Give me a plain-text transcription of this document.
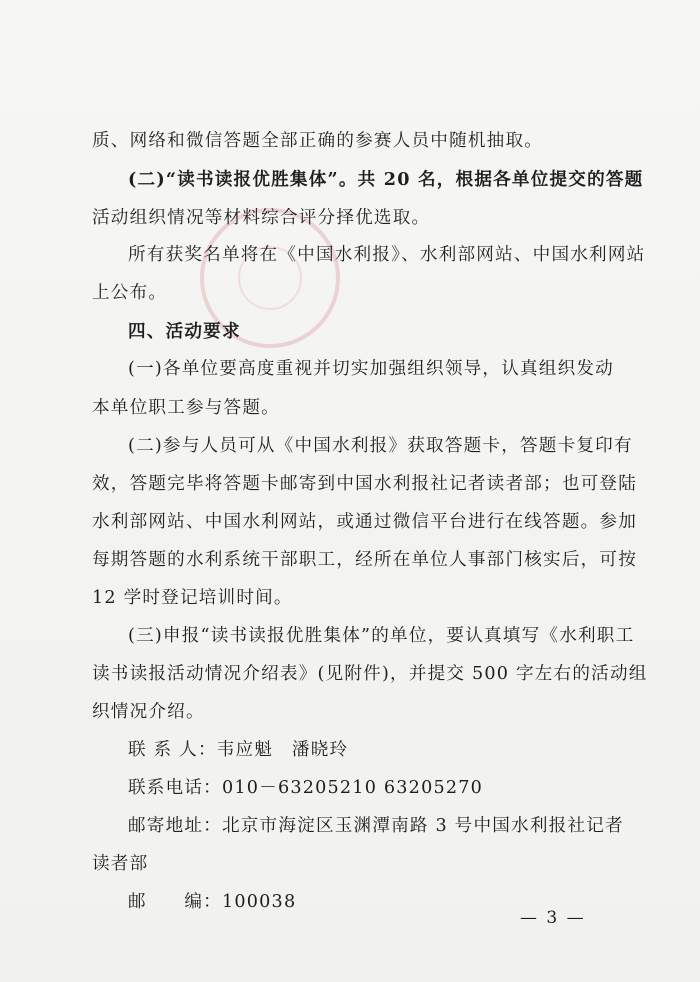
质、网络和微信答题全部正确的参赛人员中随机抽取。
(二)“读书读报优胜集体”。共 20 名，根据各单位提交的答题
活动组织情况等材料综合评分择优选取。
所有获奖名单将在《中国水利报》、水利部网站、中国水利网站
上公布。
四、活动要求
(一)各单位要高度重视并切实加强组织领导，认真组织发动
本单位职工参与答题。
(二)参与人员可从《中国水利报》获取答题卡，答题卡复印有
效，答题完毕将答题卡邮寄到中国水利报社记者读者部；也可登陆
水利部网站、中国水利网站，或通过微信平台进行在线答题。参加
每期答题的水利系统干部职工，经所在单位人事部门核实后，可按
12 学时登记培训时间。
(三)申报“读书读报优胜集体”的单位，要认真填写《水利职工
读书读报活动情况介绍表》(见附件)，并提交 500 字左右的活动组
织情况介绍。
联 系 人：韦应魁　潘晓玲
联系电话：010－63205210 63205270
邮寄地址：北京市海淀区玉渊潭南路 3 号中国水利报社记者
读者部
邮　　编：100038
— 3 —
